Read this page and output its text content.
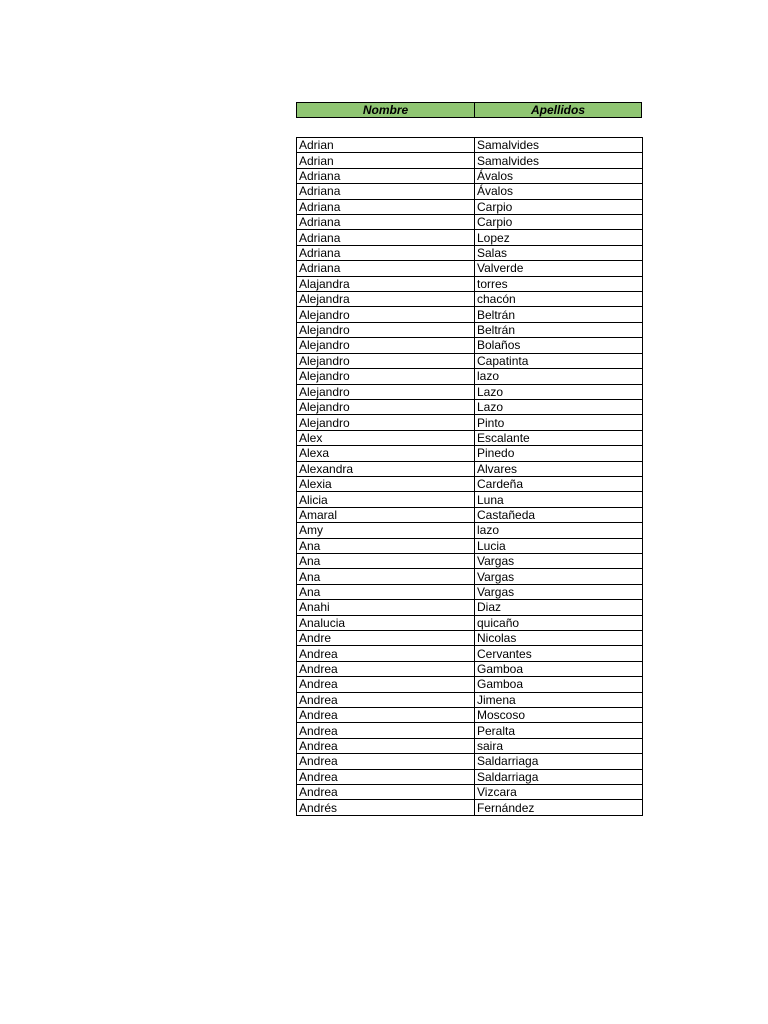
Nombre	Apellidos
Adrian	Samalvides
Adrian	Samalvides
Adriana	Ávalos
Adriana	Ávalos
Adriana	Carpio
Adriana	Carpio
Adriana	Lopez
Adriana	Salas
Adriana	Valverde
Alajandra	torres
Alejandra	chacón
Alejandro	Beltrán
Alejandro	Beltrán
Alejandro	Bolaños
Alejandro	Capatinta
Alejandro	lazo
Alejandro	Lazo
Alejandro	Lazo
Alejandro	Pinto
Alex	Escalante
Alexa	Pinedo
Alexandra	Alvares
Alexia	Cardeña
Alicia	Luna
Amaral	Castañeda
Amy	lazo
Ana	Lucia
Ana	Vargas
Ana	Vargas
Ana	Vargas
Anahi	Diaz
Analucia	quicaño
Andre	Nicolas
Andrea	Cervantes
Andrea	Gamboa
Andrea	Gamboa
Andrea	Jimena
Andrea	Moscoso
Andrea	Peralta
Andrea	saira
Andrea	Saldarriaga
Andrea	Saldarriaga
Andrea	Vizcara
Andrés	Fernández
